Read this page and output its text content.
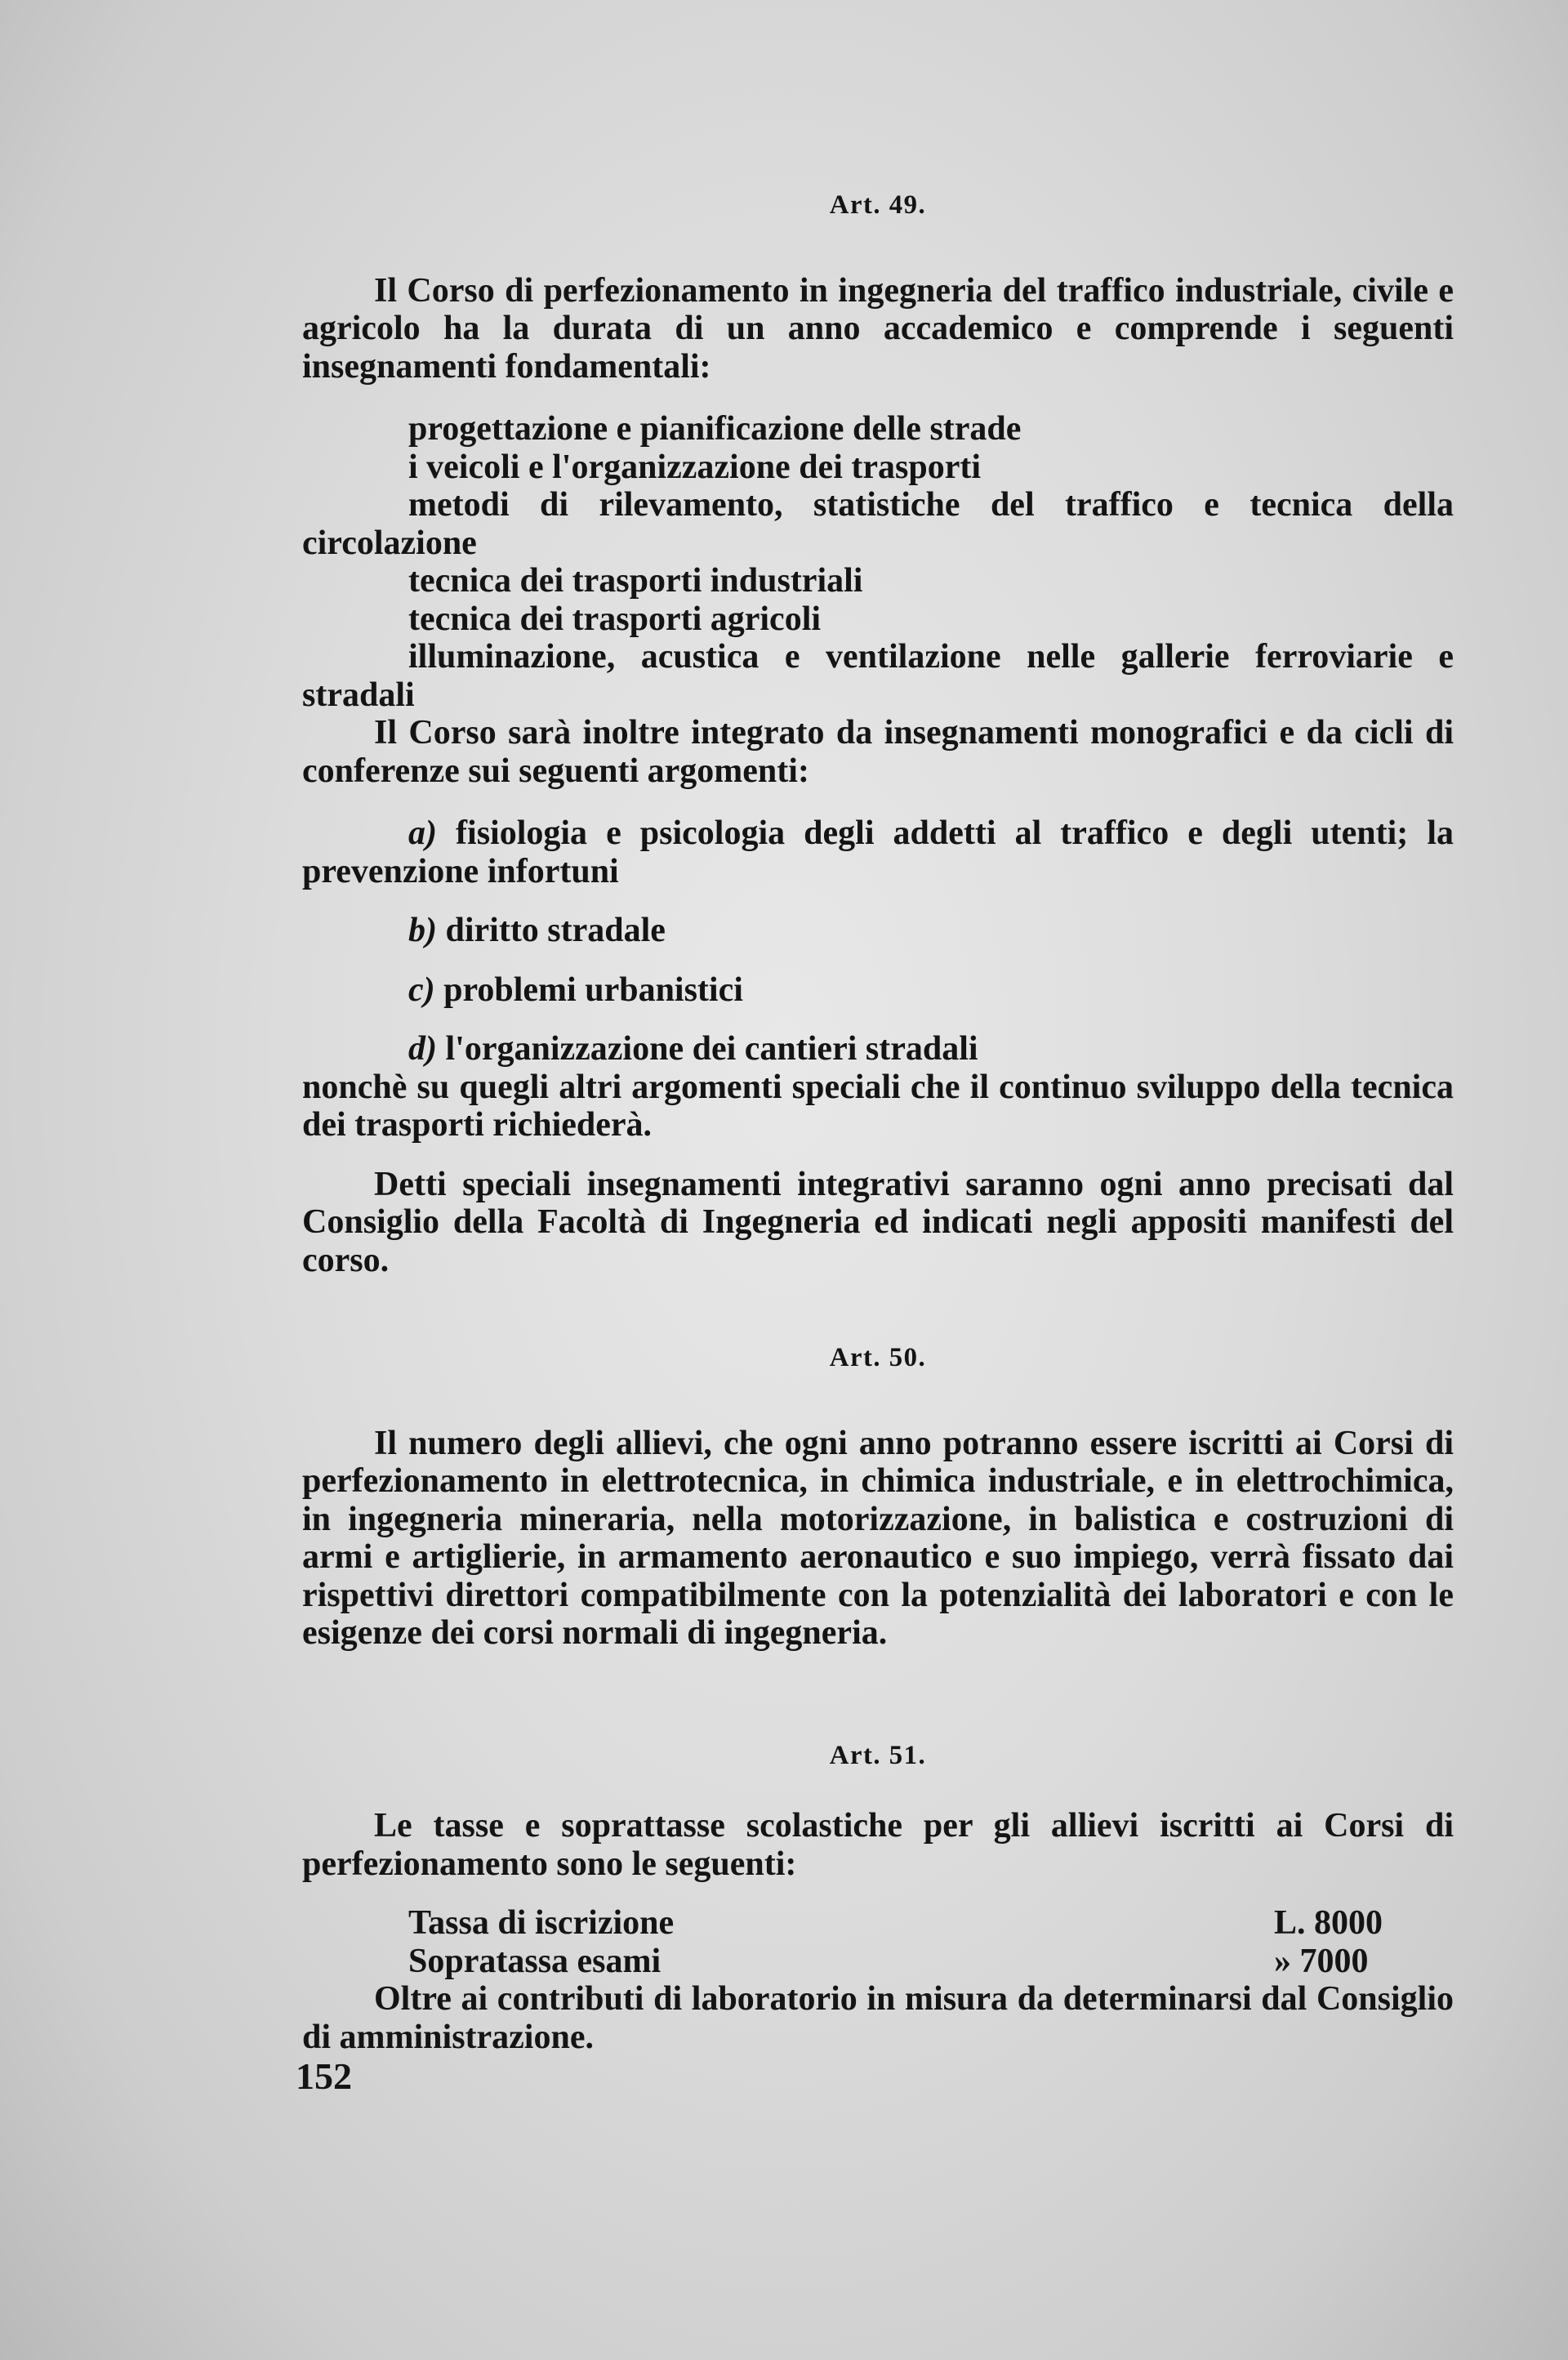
Art. 49.

Il Corso di perfezionamento in ingegneria del traffico industriale, civile e agricolo ha la durata di un anno accademico e comprende i seguenti insegnamenti fondamentali:

progettazione e pianificazione delle strade

i veicoli e l'organizzazione dei trasporti

metodi di rilevamento, statistiche del traffico e tecnica della circolazione

tecnica dei trasporti industriali

tecnica dei trasporti agricoli

illuminazione, acustica e ventilazione nelle gallerie ferroviarie e stradali

Il Corso sarà inoltre integrato da insegnamenti monografici e da cicli di conferenze sui seguenti argomenti:

a) fisiologia e psicologia degli addetti al traffico e degli utenti; la prevenzione infortuni

b) diritto stradale

c) problemi urbanistici

d) l'organizzazione dei cantieri stradali

nonchè su quegli altri argomenti speciali che il continuo sviluppo della tecnica dei trasporti richiederà.

Detti speciali insegnamenti integrativi saranno ogni anno precisati dal Consiglio della Facoltà di Ingegneria ed indicati negli appositi manifesti del corso.

Art. 50.

Il numero degli allievi, che ogni anno potranno essere iscritti ai Corsi di perfezionamento in elettrotecnica, in chimica industriale, e in elettrochimica, in ingegneria mineraria, nella motorizzazione, in balistica e costruzioni di armi e artiglierie, in armamento aeronautico e suo impiego, verrà fissato dai rispettivi direttori compatibilmente con la potenzialità dei laboratori e con le esigenze dei corsi normali di ingegneria.

Art. 51.

Le tasse e soprattasse scolastiche per gli allievi iscritti ai Corsi di perfezionamento sono le seguenti:

Tassa di iscrizione	L. 8000
Sopratassa esami	» 7000

Oltre ai contributi di laboratorio in misura da determinarsi dal Consiglio di amministrazione.

152
